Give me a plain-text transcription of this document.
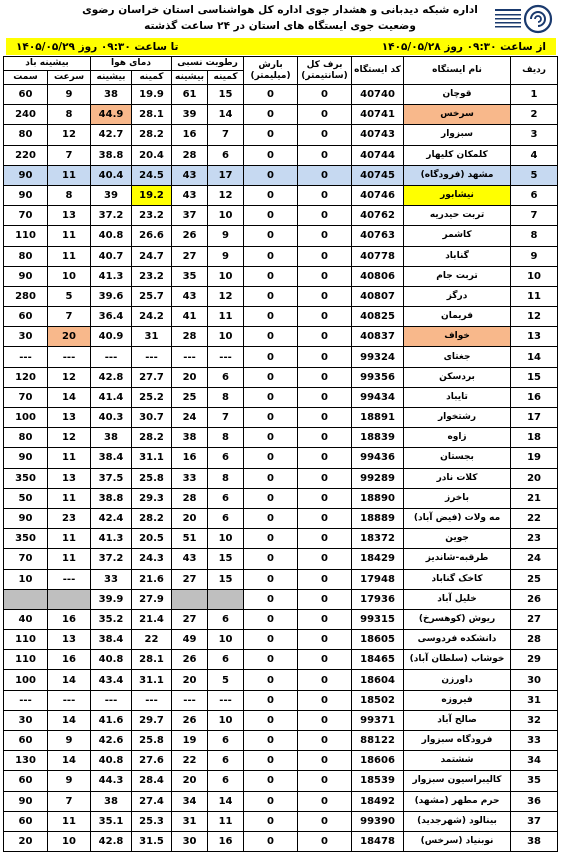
اداره شبکه دیدبانی و هشدار جوی اداره کل هواشناسی استان خراسان رضوی
وضعیت جوی ایستگاه های استان در ۲۴ ساعت گذشته
از ساعت ۰۹:۳۰ روز ۱۴۰۵/۰۵/۲۸
تا ساعت ۰۹:۳۰ روز ۱۴۰۵/۰۵/۲۹
ردیف	نام ایستگاه	کد ایستگاه	برف کل (سانتیمتر)	بارش (میلیمتر)	رطوبت نسبی		دمای هوا		بیشینه باد	
					کمینه	بیشینه	کمینه	بیشینه	سرعت	سمت
1	قوچان	40740	0	0	15	61	19.9	38	9	60
2	سرخس	40741	0	0	14	39	28.1	44.9	8	240
3	سبزوار	40743	0	0	7	16	28.2	42.7	12	80
4	کلمکان کلیهار	40744	0	0	6	28	20.4	38.8	7	220
5	مشهد (فرودگاه)	40745	0	0	17	43	24.5	40.4	11	90
6	نیشابور	40746	0	0	12	43	19.2	39	8	90
7	تربت حیدریه	40762	0	0	10	37	23.2	37.2	13	70
8	کاشمر	40763	0	0	9	26	26.6	40.8	11	110
9	گناباد	40778	0	0	9	27	24.7	40.7	11	80
10	تربت جام	40806	0	0	10	35	23.2	41.3	10	90
11	درگز	40807	0	0	12	43	25.7	39.6	5	280
12	فریمان	40825	0	0	11	41	24.2	36.4	7	60
13	خواف	40837	0	0	10	28	31	40.9	20	30
14	جغتای	99324	0	0	---	---	---	---	---	---
15	بردسکن	99356	0	0	6	20	27.7	42.8	12	120
16	تایباد	99434	0	0	8	25	25.2	41.4	14	70
17	رشتخوار	18891	0	0	7	24	30.7	40.3	13	100
18	زاوه	18839	0	0	8	38	28.2	38	12	80
19	بجستان	99436	0	0	6	16	31.1	38.4	11	90
20	کلات نادر	99289	0	0	8	33	25.8	37.5	13	350
21	باخرز	18890	0	0	6	28	29.3	38.8	11	50
22	مه ولات (فیض آباد)	18889	0	0	6	20	28.2	42.4	23	90
23	جوین	18372	0	0	10	51	20.5	41.3	11	350
24	طرقبه-شاندیز	18429	0	0	15	43	24.3	37.2	11	70
25	کاخک گناباد	17948	0	0	15	27	21.6	33	---	10
26	خلیل آباد	17936	0	0			27.9	39.9		
27	ریوش (کوهسرخ)	99315	0	0	6	27	21.4	35.2	16	40
28	دانشکده فردوسی	18605	0	0	10	49	22	38.4	13	110
29	خوشاب (سلطان آباد)	18465	0	0	6	26	28.1	40.8	16	110
30	داورزن	18604	0	0	5	20	31.1	43.4	14	100
31	فیروزه	18502	0	0	---	---	---	---	---	---
32	صالح آباد	99371	0	0	10	26	29.7	41.6	14	30
33	فرودگاه سبزوار	88122	0	0	6	19	25.8	42.6	9	60
34	ششتمد	18606	0	0	6	22	27.6	40.8	14	130
35	کالیبراسیون سبزوار	18539	0	0	6	20	28.4	44.3	9	60
36	حرم مطهر (مشهد)	18492	0	0	14	34	27.4	38	7	90
37	بینالود (شهرجدید)	99390	0	0	11	31	25.3	35.1	11	60
38	نوبنیاد (سرخس)	18478	0	0	16	30	31.5	42.8	10	20
